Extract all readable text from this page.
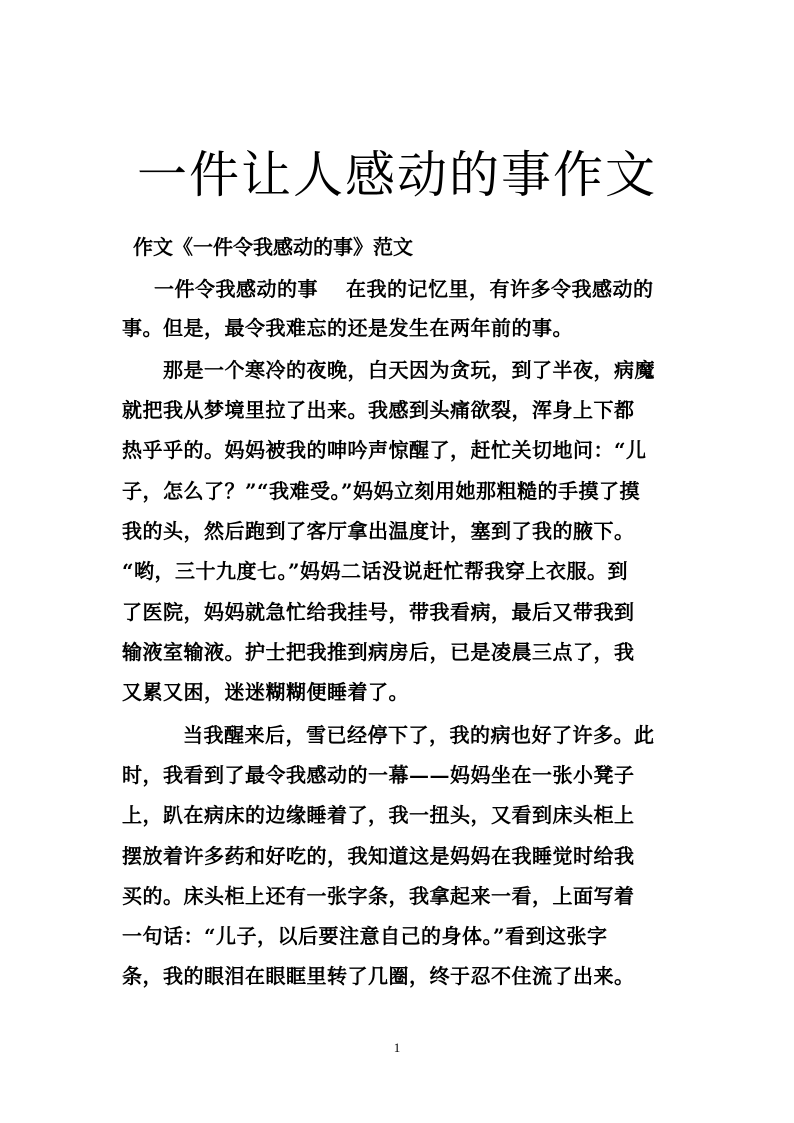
一件让人感动的事作文
作文《一件令我感动的事》范文
一件令我感动的事　 在我的记忆里，有许多令我感动的
事。但是，最令我难忘的还是发生在两年前的事。
那是一个寒冷的夜晚，白天因为贪玩，到了半夜，病魔
就把我从梦境里拉了出来。我感到头痛欲裂，浑身上下都
热乎乎的。妈妈被我的呻吟声惊醒了，赶忙关切地问：“儿
子，怎么了？”“我难受。”妈妈立刻用她那粗糙的手摸了摸
我的头，然后跑到了客厅拿出温度计，塞到了我的腋下。
“哟，三十九度七。”妈妈二话没说赶忙帮我穿上衣服。到
了医院，妈妈就急忙给我挂号，带我看病，最后又带我到
输液室输液。护士把我推到病房后，已是凌晨三点了，我
又累又困，迷迷糊糊便睡着了。
当我醒来后，雪已经停下了，我的病也好了许多。此
时，我看到了最令我感动的一幕——妈妈坐在一张小凳子
上，趴在病床的边缘睡着了，我一扭头，又看到床头柜上
摆放着许多药和好吃的，我知道这是妈妈在我睡觉时给我
买的。床头柜上还有一张字条，我拿起来一看，上面写着
一句话：“儿子，以后要注意自己的身体。”看到这张字
条，我的眼泪在眼眶里转了几圈，终于忍不住流了出来。
1
